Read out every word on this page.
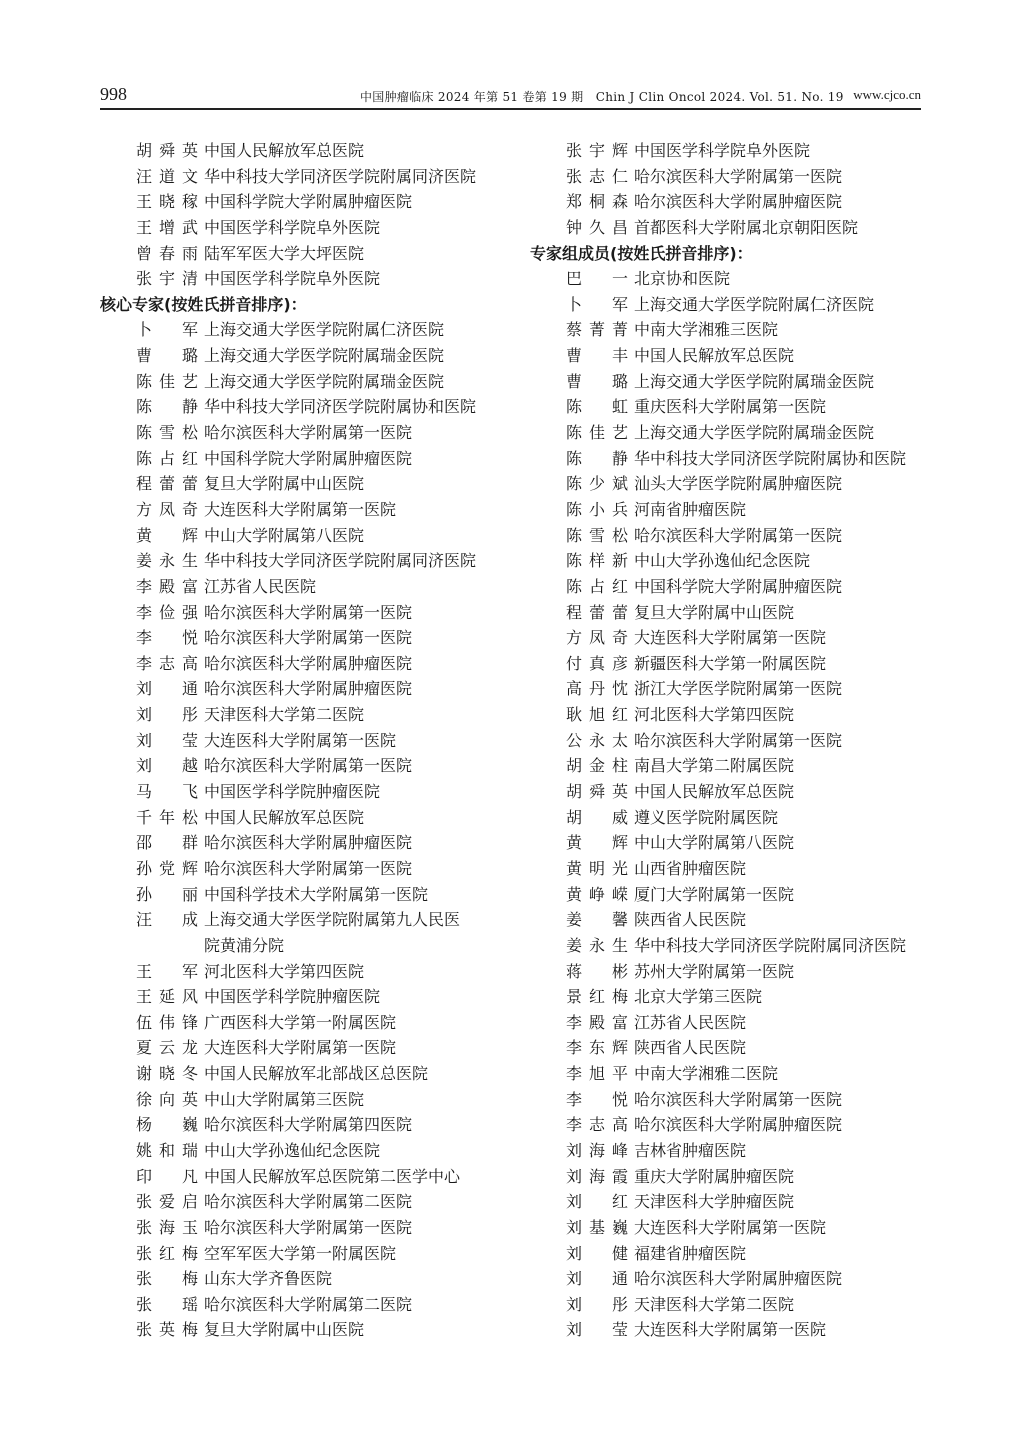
998	中国肿瘤临床 2024 年第 51 卷第 19 期　Chin J Clin Oncol 2024. Vol. 51. No. 19 www.cjco.cn
胡舜英 中国人民解放军总医院
汪道文 华中科技大学同济医学院附属同济医院
王晓稼 中国科学院大学附属肿瘤医院
王增武 中国医学科学院阜外医院
曾春雨 陆军军医大学大坪医院
张宇清 中国医学科学院阜外医院
核心专家(按姓氏拼音排序)：
卜军 上海交通大学医学院附属仁济医院
曹璐 上海交通大学医学院附属瑞金医院
陈佳艺 上海交通大学医学院附属瑞金医院
陈静 华中科技大学同济医学院附属协和医院
陈雪松 哈尔滨医科大学附属第一医院
陈占红 中国科学院大学附属肿瘤医院
程蕾蕾 复旦大学附属中山医院
方凤奇 大连医科大学附属第一医院
黄辉 中山大学附属第八医院
姜永生 华中科技大学同济医学院附属同济医院
李殿富 江苏省人民医院
李俭强 哈尔滨医科大学附属第一医院
李悦 哈尔滨医科大学附属第一医院
李志高 哈尔滨医科大学附属肿瘤医院
刘通 哈尔滨医科大学附属肿瘤医院
刘彤 天津医科大学第二医院
刘莹 大连医科大学附属第一医院
刘越 哈尔滨医科大学附属第一医院
马飞 中国医学科学院肿瘤医院
千年松 中国人民解放军总医院
邵群 哈尔滨医科大学附属肿瘤医院
孙党辉 哈尔滨医科大学附属第一医院
孙丽 中国科学技术大学附属第一医院
汪成 上海交通大学医学院附属第九人民医
院黄浦分院
王军 河北医科大学第四医院
王延风 中国医学科学院肿瘤医院
伍伟锋 广西医科大学第一附属医院
夏云龙 大连医科大学附属第一医院
谢晓冬 中国人民解放军北部战区总医院
徐向英 中山大学附属第三医院
杨巍 哈尔滨医科大学附属第四医院
姚和瑞 中山大学孙逸仙纪念医院
印凡 中国人民解放军总医院第二医学中心
张爱启 哈尔滨医科大学附属第二医院
张海玉 哈尔滨医科大学附属第一医院
张红梅 空军军医大学第一附属医院
张梅 山东大学齐鲁医院
张瑶 哈尔滨医科大学附属第二医院
张英梅 复旦大学附属中山医院
张宇辉 中国医学科学院阜外医院
张志仁 哈尔滨医科大学附属第一医院
郑桐森 哈尔滨医科大学附属肿瘤医院
钟久昌 首都医科大学附属北京朝阳医院
专家组成员(按姓氏拼音排序)：
巴一 北京协和医院
卜军 上海交通大学医学院附属仁济医院
蔡菁菁 中南大学湘雅三医院
曹丰 中国人民解放军总医院
曹璐 上海交通大学医学院附属瑞金医院
陈虹 重庆医科大学附属第一医院
陈佳艺 上海交通大学医学院附属瑞金医院
陈静 华中科技大学同济医学院附属协和医院
陈少斌 汕头大学医学院附属肿瘤医院
陈小兵 河南省肿瘤医院
陈雪松 哈尔滨医科大学附属第一医院
陈样新 中山大学孙逸仙纪念医院
陈占红 中国科学院大学附属肿瘤医院
程蕾蕾 复旦大学附属中山医院
方凤奇 大连医科大学附属第一医院
付真彦 新疆医科大学第一附属医院
高丹忱 浙江大学医学院附属第一医院
耿旭红 河北医科大学第四医院
公永太 哈尔滨医科大学附属第一医院
胡金柱 南昌大学第二附属医院
胡舜英 中国人民解放军总医院
胡威 遵义医学院附属医院
黄辉 中山大学附属第八医院
黄明光 山西省肿瘤医院
黄峥嵘 厦门大学附属第一医院
姜馨 陕西省人民医院
姜永生 华中科技大学同济医学院附属同济医院
蒋彬 苏州大学附属第一医院
景红梅 北京大学第三医院
李殿富 江苏省人民医院
李东辉 陕西省人民医院
李旭平 中南大学湘雅二医院
李悦 哈尔滨医科大学附属第一医院
李志高 哈尔滨医科大学附属肿瘤医院
刘海峰 吉林省肿瘤医院
刘海霞 重庆大学附属肿瘤医院
刘红 天津医科大学肿瘤医院
刘基巍 大连医科大学附属第一医院
刘健 福建省肿瘤医院
刘通 哈尔滨医科大学附属肿瘤医院
刘彤 天津医科大学第二医院
刘莹 大连医科大学附属第一医院
